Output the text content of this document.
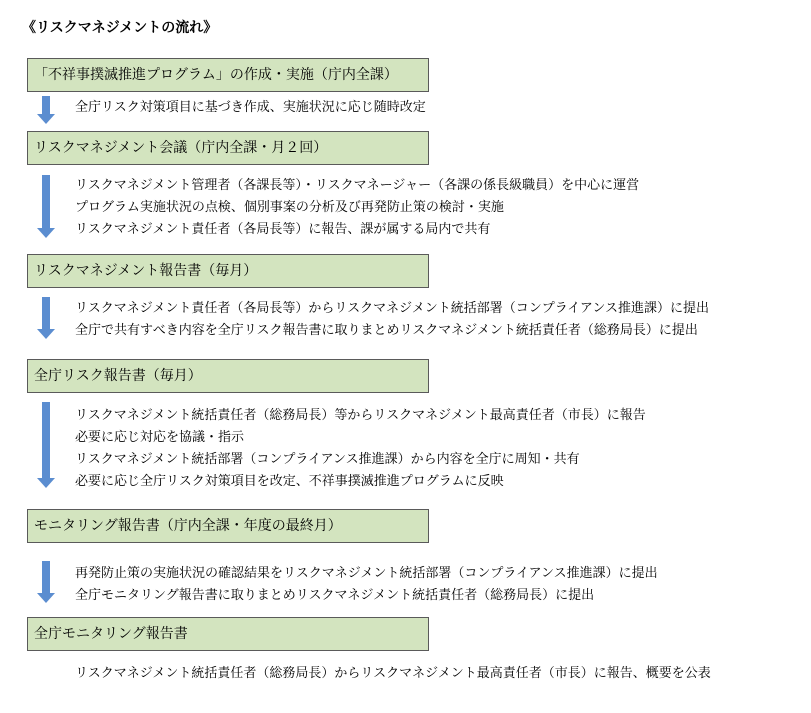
《リスクマネジメントの流れ》
「不祥事撲滅推進プログラム」の作成・実施（庁内全課）
全庁リスク対策項目に基づき作成、実施状況に応じ随時改定
リスクマネジメント会議（庁内全課・月２回）
リスクマネジメント管理者（各課長等）・リスクマネージャー（各課の係長級職員）を中心に運営
プログラム実施状況の点検、個別事案の分析及び再発防止策の検討・実施
リスクマネジメント責任者（各局長等）に報告、課が属する局内で共有
リスクマネジメント報告書（毎月）
リスクマネジメント責任者（各局長等）からリスクマネジメント統括部署（コンプライアンス推進課）に提出
全庁で共有すべき内容を全庁リスク報告書に取りまとめリスクマネジメント統括責任者（総務局長）に提出
全庁リスク報告書（毎月）
リスクマネジメント統括責任者（総務局長）等からリスクマネジメント最高責任者（市長）に報告
必要に応じ対応を協議・指示
リスクマネジメント統括部署（コンプライアンス推進課）から内容を全庁に周知・共有
必要に応じ全庁リスク対策項目を改定、不祥事撲滅推進プログラムに反映
モニタリング報告書（庁内全課・年度の最終月）
再発防止策の実施状況の確認結果をリスクマネジメント統括部署（コンプライアンス推進課）に提出
全庁モニタリング報告書に取りまとめリスクマネジメント統括責任者（総務局長）に提出
全庁モニタリング報告書
リスクマネジメント統括責任者（総務局長）からリスクマネジメント最高責任者（市長）に報告、概要を公表
